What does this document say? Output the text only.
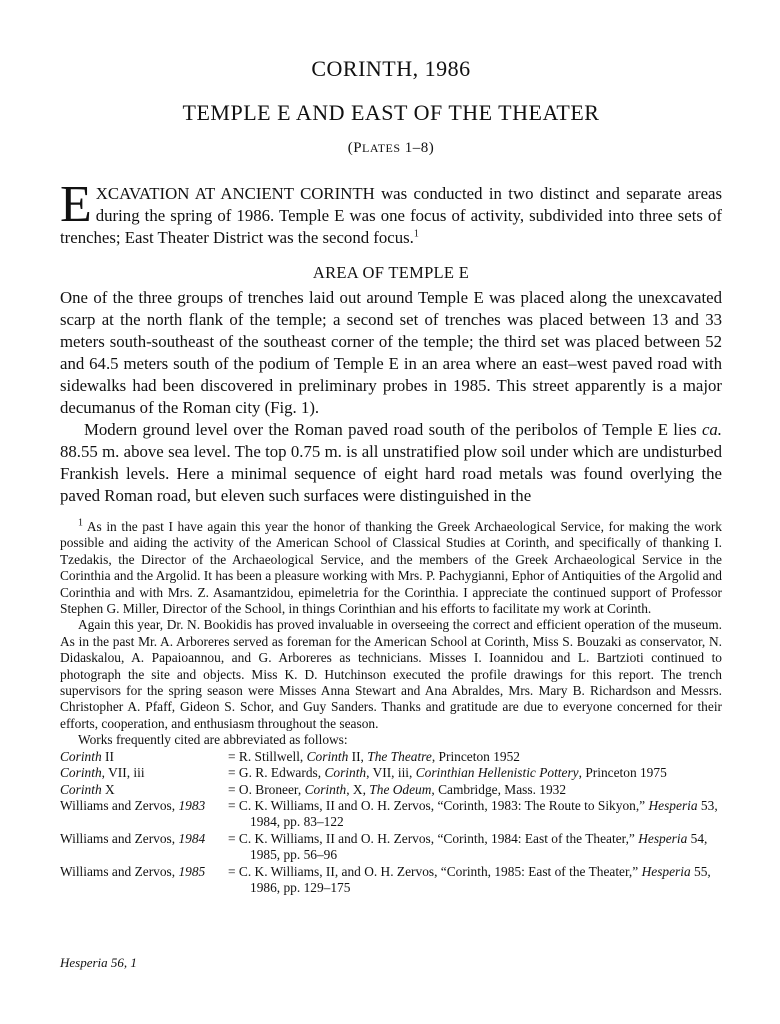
CORINTH, 1986
TEMPLE E AND EAST OF THE THEATER
(PLATES 1–8)
EXCAVATION AT ANCIENT CORINTH was conducted in two distinct and separate areas during the spring of 1986. Temple E was one focus of activity, subdivided into three sets of trenches; East Theater District was the second focus.$^1$
AREA OF TEMPLE E

One of the three groups of trenches laid out around Temple E was placed along the unexcavated scarp at the north flank of the temple; a second set of trenches was placed between 13 and 33 meters south-southeast of the southeast corner of the temple; the third set was placed between 52 and 64.5 meters south of the podium of Temple E in an area where an east–west paved road with sidewalks had been discovered in preliminary probes in 1985. This street apparently is a major decumanus of the Roman city (Fig. 1).

Modern ground level over the Roman paved road south of the peribolos of Temple E lies ca. 88.55 m. above sea level. The top 0.75 m. is all unstratified plow soil under which are undisturbed Frankish levels. Here a minimal sequence of eight hard road metals was found overlying the paved Roman road, but eleven such surfaces were distinguished in the

$^1$ As in the past I have again this year the honor of thanking the Greek Archaeological Service, for making the work possible and aiding the activity of the American School of Classical Studies at Corinth, and specifically of thanking I. Tzedakis, the Director of the Archaeological Service, and the members of the Greek Archaeological Service in the Corinthia and the Argolid. It has been a pleasure working with Mrs. P. Pachygianni, Ephor of Antiquities of the Argolid and Corinthia and with Mrs. Z. Asamantzidou, epimeletria for the Corinthia. I appreciate the continued support of Professor Stephen G. Miller, Director of the School, in things Corinthian and his efforts to facilitate my work at Corinth.

Again this year, Dr. N. Bookidis has proved invaluable in overseeing the correct and efficient operation of the museum. As in the past Mr. A. Arboreres served as foreman for the American School at Corinth, Miss S. Bouzaki as conservator, N. Didaskalou, A. Papaioannou, and G. Arboreres as technicians. Misses I. Ioannidou and L. Bartzioti continued to photograph the site and objects. Miss K. D. Hutchinson executed the profile drawings for this report. The trench supervisors for the spring season were Misses Anna Stewart and Ana Abraldes, Mrs. Mary B. Richardson and Messrs. Christopher A. Pfaff, Gideon S. Schor, and Guy Sanders. Thanks and gratitude are due to everyone concerned for their efforts, cooperation, and enthusiasm throughout the season.

Works frequently cited are abbreviated as follows:

Corinth II	= R. Stillwell, Corinth II, The Theatre, Princeton 1952
Corinth, VII, iii	= G. R. Edwards, Corinth, VII, iii, Corinthian Hellenistic Pottery, Princeton 1975
Corinth X	= O. Broneer, Corinth, X, The Odeum, Cambridge, Mass. 1932
Williams and Zervos, 1983	= C. K. Williams, II and O. H. Zervos, “Corinth, 1983: The Route to Sikyon,” Hesperia 53, 1984, pp. 83–122
Williams and Zervos, 1984	= C. K. Williams, II and O. H. Zervos, “Corinth, 1984: East of the Theater,” Hesperia 54, 1985, pp. 56–96
Williams and Zervos, 1985	= C. K. Williams, II, and O. H. Zervos, “Corinth, 1985: East of the Theater,” Hesperia 55, 1986, pp. 129–175
Hesperia 56, 1
